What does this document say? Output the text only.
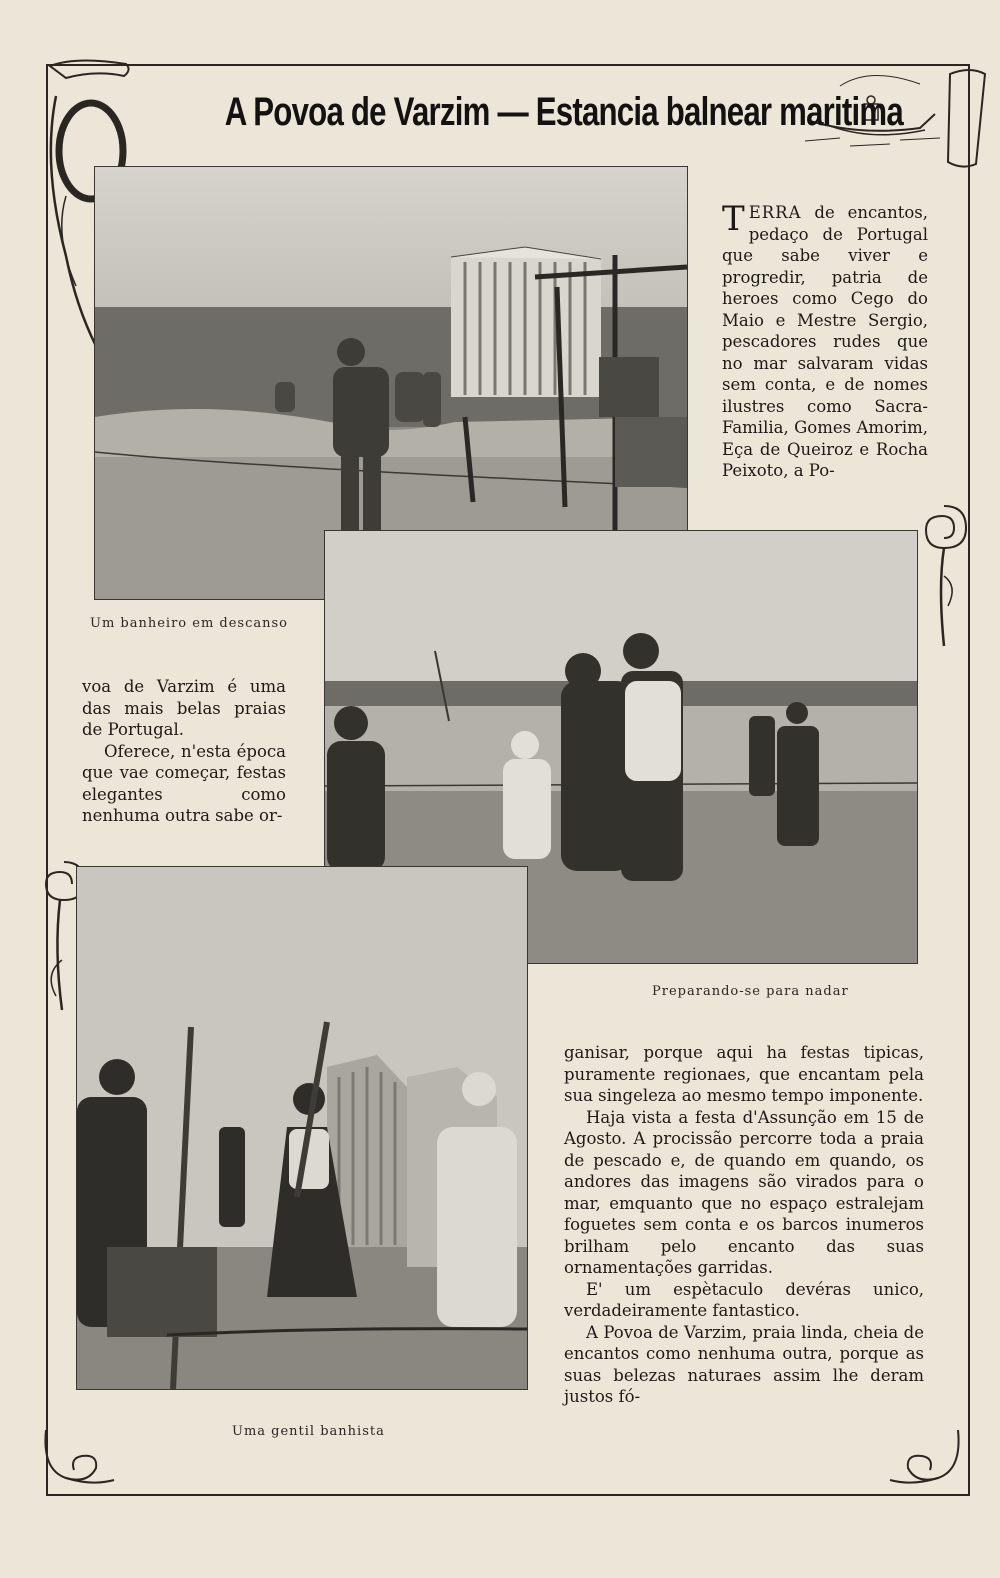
A Povoa de Varzim — Estancia balnear maritima
Um banheiro em descanso

TERRA de encantos, pedaço de Portugal que sabe viver e progredir, patria de heroes como Cego do Maio e Mestre Sergio, pescadores rudes que no mar salvaram vidas sem conta, e de nomes ilustres como Sacra-Familia, Gomes Amorim, Eça de Queiroz e Rocha Peixoto, a Po-

Preparando-se para nadar

voa de Varzim é uma das mais belas praias de Portugal.

Oferece, n'esta época que vae começar, festas elegantes como nenhuma outra sabe or-

Uma gentil banhista

ganisar, porque aqui ha festas tipicas, puramente regionaes, que encantam pela sua singeleza ao mesmo tempo imponente.

Haja vista a festa d'Assunção em 15 de Agosto. A procissão percorre toda a praia de pescado e, de quando em quando, os andores das imagens são virados para o mar, emquanto que no espaço estralejam foguetes sem conta e os barcos inumeros brilham pelo encanto das suas ornamentações garridas.

E' um espètaculo devéras unico, verdadeiramente fantastico.

A Povoa de Varzim, praia linda, cheia de encantos como nenhuma outra, porque as suas belezas naturaes assim lhe deram justos fó-
